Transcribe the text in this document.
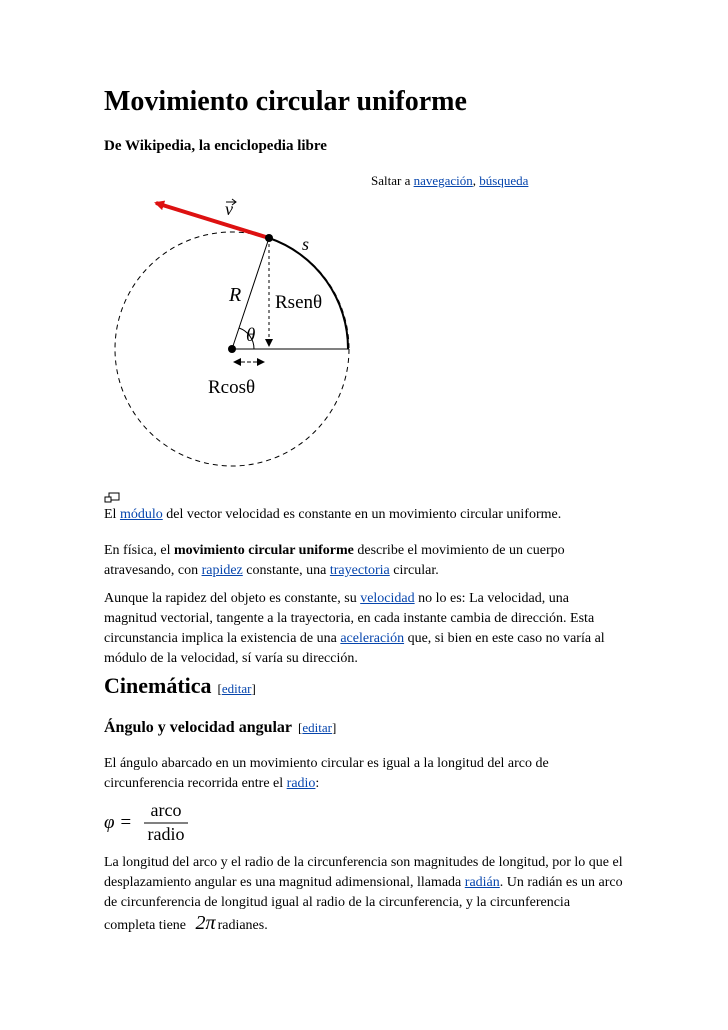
Movimiento circular uniforme
De Wikipedia, la enciclopedia libre
Saltar a navegación, búsqueda
v
s
R Rsenθ
θ
Rcosθ

El módulo del vector velocidad es constante en un movimiento circular uniforme.

En física, el movimiento circular uniforme describe el movimiento de un cuerpo atravesando, con rapidez constante, una trayectoria circular.

Aunque la rapidez del objeto es constante, su velocidad no lo es: La velocidad, una magnitud vectorial, tangente a la trayectoria, en cada instante cambia de dirección. Esta circunstancia implica la existencia de una aceleración que, si bien en este caso no varía al módulo de la velocidad, sí varía su dirección.

Cinemática [editar]
Ángulo y velocidad angular [editar]

El ángulo abarcado en un movimiento circular es igual a la longitud del arco de circunferencia recorrida entre el radio:

φ =
arco
radio

La longitud del arco y el radio de la circunferencia son magnitudes de longitud, por lo que el desplazamiento angular es una magnitud adimensional, llamada radián. Un radián es un arco de circunferencia de longitud igual al radio de la circunferencia, y la circunferencia completa tiene 2π radianes.
